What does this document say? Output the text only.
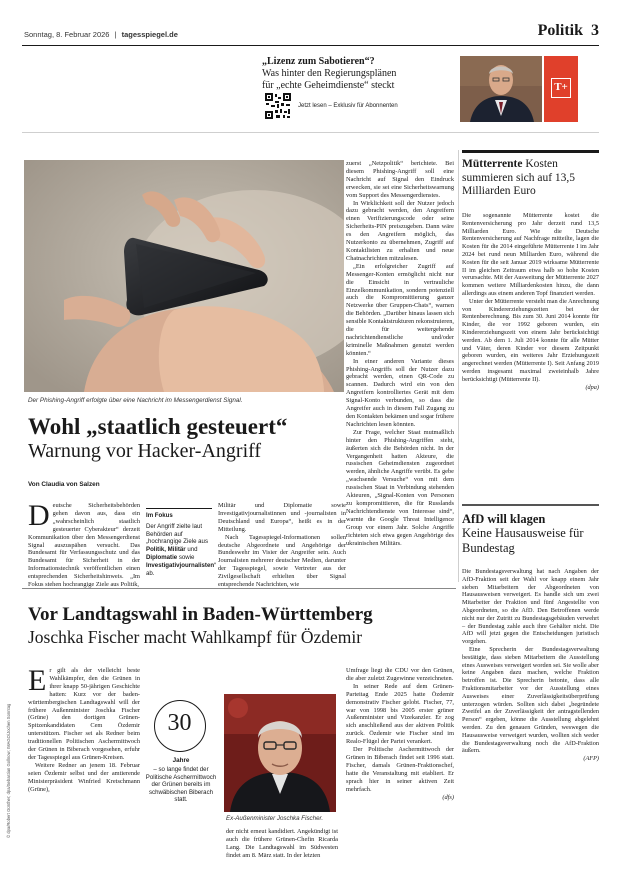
Sonntag, 8. Februar 2026 | tagesspiegel.de	Politik 3
„Lizenz zum Sabotieren“?
Was hinter den Regierungsplänen
für „echte Geheimdienste“ steckt
Jetzt lesen – Exklusiv für Abonnenten
T+
Der Phishing-Angriff erfolgte über eine Nachricht im Messengerdienst Signal.
Wohl „staatlich gesteuert“
Warnung vor Hacker-Angriff
Von Claudia von Salzen
D eutsche Sicherheitsbehörden gehen davon aus, dass ein „wahrscheinlich staatlich gesteuerter Cyberakteur“ derzeit Kommunikation über den Messengerdienst Signal auszuspähen versucht. Das Bundesamt für Verfassungsschutz und das Bundesamt für Sicherheit in der Informationstechnik veröffentlichen einen entsprechenden Sicherheitshinweis. „Im Fokus stehen hochrangige Ziele aus Politik,

Im Fokus
Der Angriff zielte laut Behörden auf „hochrangige Ziele aus Politik, Militär und Diplomatie sowie Investigativjournalisten“ ab.

Militär und Diplomatie sowie Investigativjournalistinnen und -journalisten in Deutschland und Europa“, heißt es in der Mitteilung.

Nach Tagesspiegel-Informationen sollen deutsche Abgeordnete und Angehörige der Bundeswehr im Visier der Angreifer sein. Auch Journalisten mehrerer deutscher Medien, darunter der Tagesspiegel, sowie Vertreter aus der Zivilgesellschaft erhielten über Signal entsprechende Nachrichten, wie

zuerst „Netzpolitik“ berichtete. Bei diesem Phishing-Angriff soll eine Nachricht auf Signal den Eindruck erwecken, sie sei eine Sicherheitswarnung vom Support des Messengerdienstes.

In Wirklichkeit soll der Nutzer jedoch dazu gebracht werden, den Angreifern einen Verifizierungscode oder seine Sicherheits-PIN preiszugeben. Dann wäre es den Angreifern möglich, das Nutzerkonto zu übernehmen, Zugriff auf Kontaktlisten zu erhalten und neue Chatnachrichten mitzulesen.

„Ein erfolgreicher Zugriff auf Messenger-Konten ermöglicht nicht nur die Einsicht in vertrauliche Einzelkommunikation, sondern potenziell auch die Kompromittierung ganzer Netzwerke über Gruppen-Chats“, warnen die Behörden. „Darüber hinaus lassen sich sensible Kontaktstrukturen rekonstruieren, die für weitergehende nachrichtendienstliche und/oder kriminelle Maßnahmen genutzt werden könnten.“

In einer anderen Variante dieses Phishing-Angriffs soll der Nutzer dazu gebracht werden, einen QR-Code zu scannen. Dadurch wird ein von den Angreifern kontrolliertes Gerät mit dem Signal-Konto verbunden, so dass die Angreifer auch in diesem Fall Zugang zu den Kontakten bekämen und sogar frühere Nachrichten lesen könnten.

Zur Frage, welcher Staat mutmaßlich hinter den Phishing-Angriffen steht, äußerten sich die Behörden nicht. In der Vergangenheit hatten Akteure, die russischen Geheimdiensten zugeordnet werden, ähnliche Angriffe verübt. Es gebe „wachsende Versuche“ von mit dem russischen Staat in Verbindung stehenden Akteuren, „Signal-Konten von Personen zu kompromittieren, die für Russlands Nachrichtendienste von Interesse sind“, warnte die Google Threat Intelligence Group vor einem Jahr. Solche Angriffe richteten sich etwa gegen Angehörige des ukrainischen Militärs.

Mütterrente Kosten summieren sich auf 13,5 Milliarden Euro

Die sogenannte Mütterrente kostet die Rentenversicherung pro Jahr derzeit rund 13,5 Milliarden Euro. Wie die Deutsche Rentenversicherung auf Nachfrage mitteilte, lagen die Kosten für die 2014 eingeführte Mütterrente I im Jahr 2024 bei rund neun Milliarden Euro, während die Kosten für die seit Januar 2019 wirksame Mütterrente II im gleichen Zeitraum etwa halb so hohe Kosten verursachte. Mit der Ausweitung der Mütterrente 2027 kommen weitere Milliardenkosten hinzu, die dann allerdings aus einem anderen Topf finanziert werden.

Unter der Mütterrente versteht man die Anrechnung von Kindererziehungszeiten bei der Rentenberechnung. Bis zum 30. Juni 2014 konnte für Kinder, die vor 1992 geboren wurden, ein Kindererziehungszeit von einem Jahr berücksichtigt werden. Ab dem 1. Juli 2014 konnte für alle Mütter und Väter, deren Kinder vor diesem Zeitpunkt geboren wurden, ein weiteres Jahr Erziehungszeit angerechnet werden (Mütterrente I). Seit Anfang 2019 werden insgesamt maximal zweieinhalb Jahre berücksichtigt (Mütterrente II).

(dpa)
AfD will klagen
Keine Hausausweise für Bundestag

Die Bundestagsverwaltung hat nach Angaben der AfD-Fraktion seit der Wahl vor knapp einem Jahr sieben Mitarbeitern der Abgeordneten von Hausausweisen verweigert. Es handle sich um zwei Mitarbeiter der Fraktion und fünf Angestellte von Abgeordneten, so die AfD. Den Betroffenen werde nicht nur der Zutritt zu Bundestagsgebäuden verwehrt – der Bundestag zahle auch ihre Gehälter nicht. Die AfD will jetzt gegen die Entscheidungen juristisch vorgehen.

Eine Sprecherin der Bundestagsverwaltung bestätigte, dass sieben Mitarbeitern die Ausstellung eines Ausweises verweigert worden sei. Sie wolle aber keine Angaben dazu machen, welche Fraktion betroffen ist. Die Sprecherin betonte, dass alle Fraktionsmitarbeiter vor der Ausstellung eines Ausweises einer Zuverlässigkeitsüberprüfung unterzogen würden. Sollten sich dabei „begründete Zweifel an der Zuverlässigkeit der antragstellenden Person“ ergeben, könne die Ausstellung abgelehnt werden. Zu den genauen Gründen, weswegen die Hausausweise verweigert wurden, wollten sich weder die Bundestagsverwaltung noch die AfD-Fraktion äußern.

(AFP)
Vor Landtagswahl in Baden-Württemberg
Joschka Fischer macht Wahlkampf für Özdemir
© dpa/Robert Günther; dpa/Sebastian Gollnow; IMAGO/Jochen Sonntag
E r gilt als der vielleicht beste Wahlkämpfer, den die Grünen in ihrer knapp 50-jährigen Geschichte hatten: Kurz vor der baden-württembergischen Landtagswahl will der frühere Außenminister Joschka Fischer (Grüne) den dortigen Grünen-Spitzenkandidaten Cem Özdemir unterstützen. Fischer sei als Redner beim traditionellen Politischen Aschermittwoch der Grünen in Biberach vorgesehen, erfuhr der Tagesspiegel aus Grünen-Kreisen.

Weitere Redner an jenem 18. Februar seien Özdemir selbst und der amtierende Ministerpräsident Winfried Kretschmann (Grüne),

30
Jahre
– so lange findet der Politische Aschermittwoch der Grünen bereits im schwäbischen Biberach statt.
Ex-Außenminister Joschka Fischer.

der nicht erneut kandidiert. Angekündigt ist auch die frühere Grünen-Chefin Ricarda Lang. Die Landtagswahl im Südwesten findet am 8. März statt. In der letzten

Umfrage liegt die CDU vor den Grünen, die aber zuletzt Zugewinne verzeichneten.

In seiner Rede auf dem Grünen-Parteitag Ende 2025 hatte Özdemir demonstrativ Fischer gelobt. Fischer, 77, war von 1998 bis 2005 erster grüner Außenminister und Vizekanzler. Er zog sich anschließend aus der aktiven Politik zurück. Özdemir wie Fischer sind im Realo-Flügel der Partei verankert.

Der Politische Aschermittwoch der Grünen in Biberach findet seit 1996 statt. Fischer, damals Grünen-Fraktionschef, hatte die Veranstaltung mit etabliert. Er sprach hier in seiner aktiven Zeit mehrfach.

(dfs)
